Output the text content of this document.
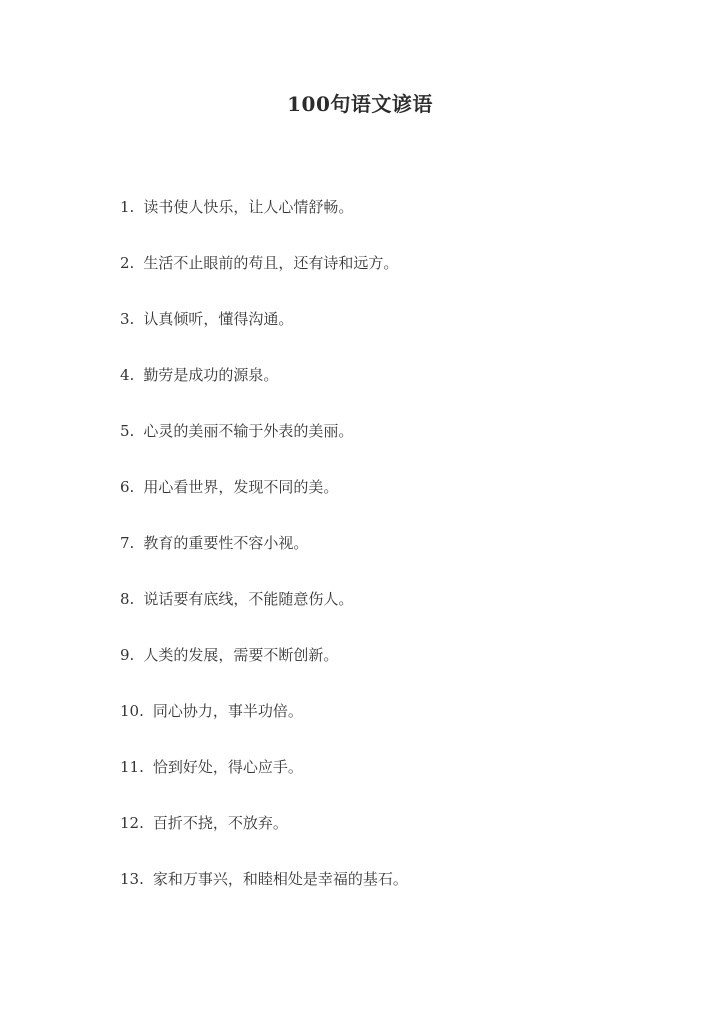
100句语文谚语
1. 读书使人快乐，让人心情舒畅。
2. 生活不止眼前的苟且，还有诗和远方。
3. 认真倾听，懂得沟通。
4. 勤劳是成功的源泉。
5. 心灵的美丽不输于外表的美丽。
6. 用心看世界，发现不同的美。
7. 教育的重要性不容小视。
8. 说话要有底线，不能随意伤人。
9. 人类的发展，需要不断创新。
10. 同心协力，事半功倍。
11. 恰到好处，得心应手。
12. 百折不挠，不放弃。
13. 家和万事兴，和睦相处是幸福的基石。
